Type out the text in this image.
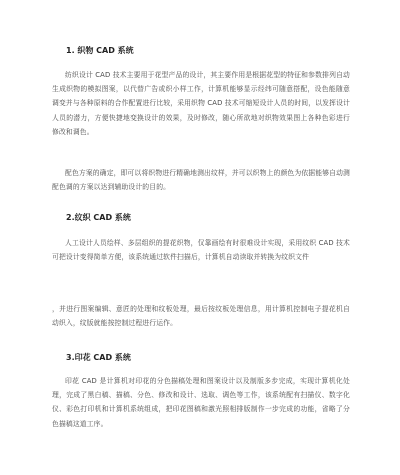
1. 织物 CAD 系统
纺织设计 CAD 技术主要用于花型产品的设计，其主要作用是根据花型的特征和参数排列自动生成织物的模拟图案，以代替广告或织小样工作，计算机能够显示经纬可随意搭配，设色能随意调变并与各种原料的合作配置进行比较，采用织物 CAD 技术可缩短设计人员的时间，以发挥设计人员的潜力，方便快捷地变换设计的效果，及时修改，随心所欲地对织物效果图上各种色彩进行修改和调色。
配色方案的确定，即可以将织物进行精确地测出纹样，并可以织物上的颜色为依据能够自动测配色调的方案以达到辅助设计的目的。
2.纹织 CAD 系统
人工设计人员绘样、多层组织的提花织物，仅靠画绘有时很难设计实现，采用纹织 CAD 技术可把设计变得简单方便，该系统通过软件扫描后，计算机自动读取并转换为纹织文件
，并进行图案编辑、意匠的处理和纹板处理，最后按纹板处理信息，用计算机控制电子提花机自动织入，纹版就能按控制过程进行运作。
3.印花 CAD 系统
印花 CAD 是计算机对印花的分色描稿处理和图案设计以及制版多步完成，实现计算机化处理，完成了黑白稿、描稿、分色、修改和设计、选取、调色等工作，该系统配有扫描仪、数字化仪、彩色打印机和计算机系统组成，把印花图稿和激光照相排版制作一步完成的功能，省略了分色描稿这道工序。
